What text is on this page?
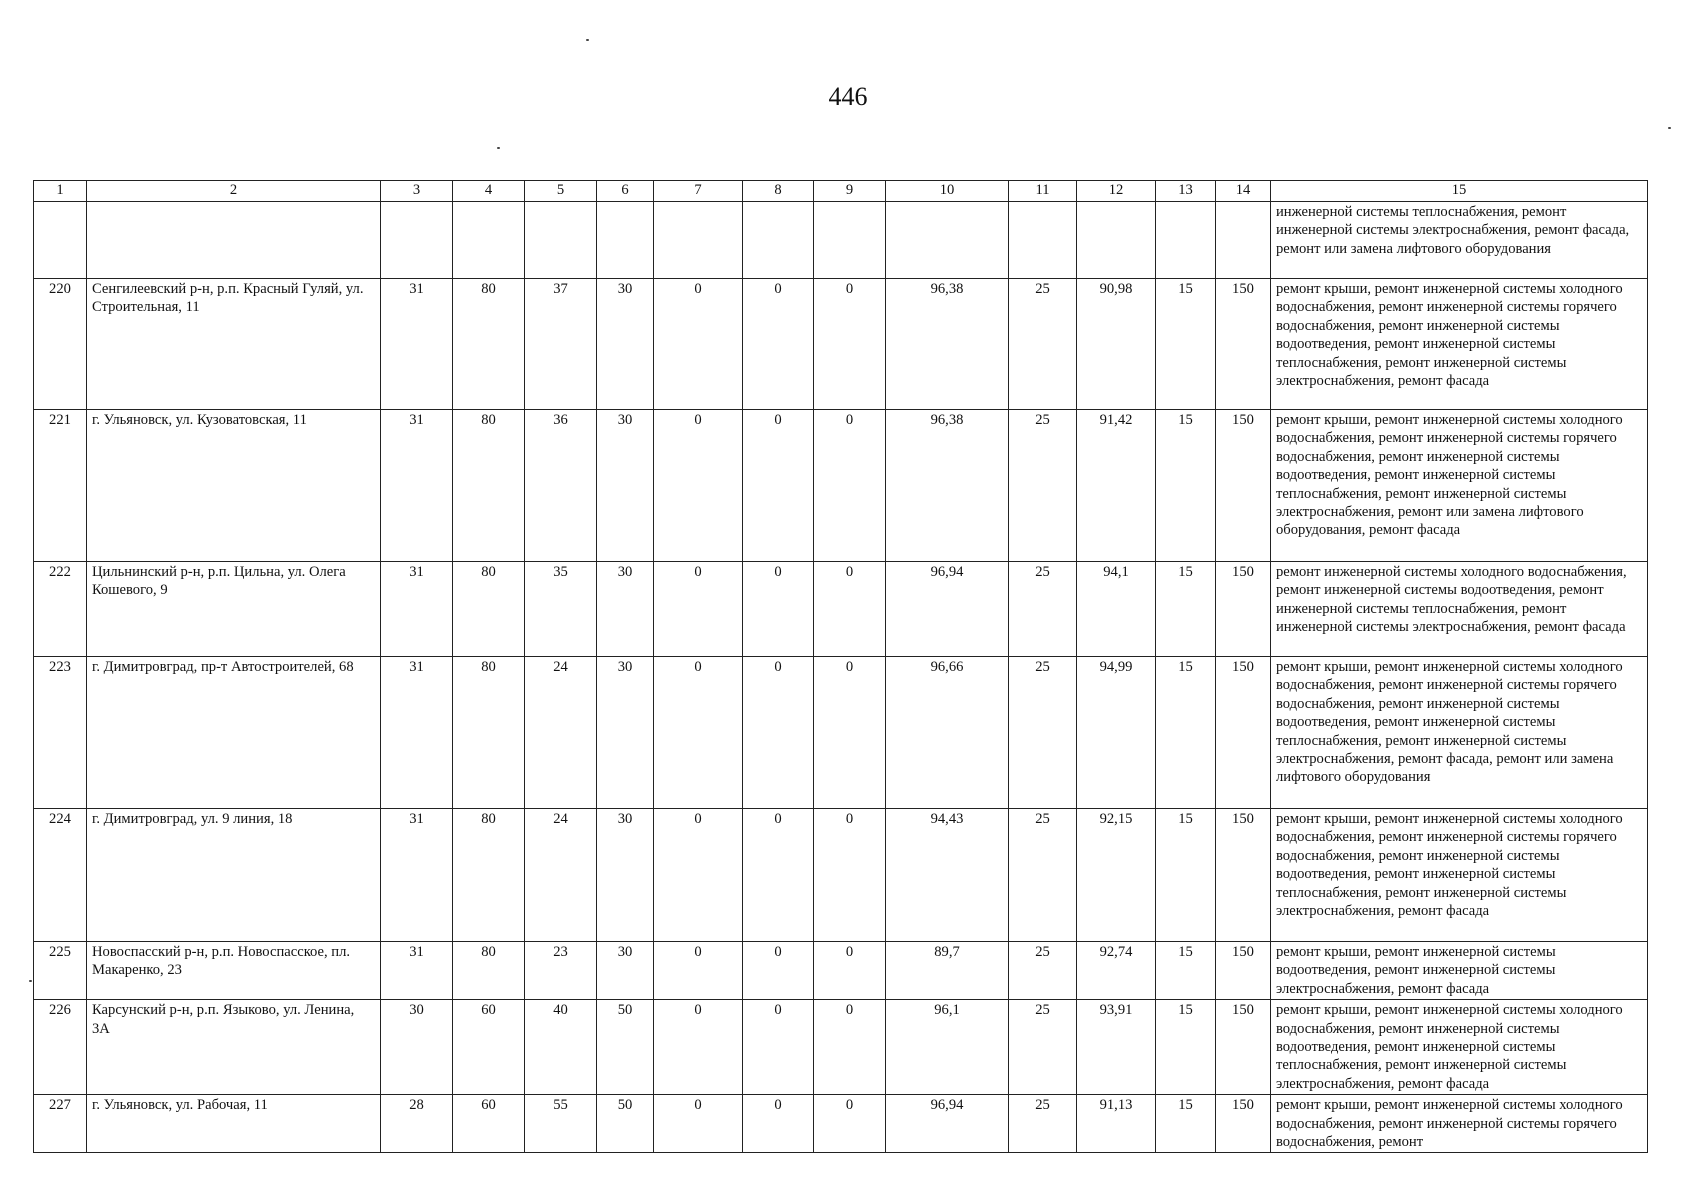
446
1	2	3	4	5	6	7	8	9	10	11	12	13	14	15
														инженерной системы теплоснабжения, ремонт инженерной системы электроснабжения, ремонт фасада, ремонт или замена лифтового оборудования
220	Сенгилеевский р-н, р.п. Красный Гуляй, ул. Строительная, 11	31	80	37	30	0	0	0	96,38	25	90,98	15	150	ремонт крыши, ремонт инженерной системы холодного водоснабжения, ремонт инженерной системы горячего водоснабжения, ремонт инженерной системы водоотведения, ремонт инженерной системы теплоснабжения, ремонт инженерной системы электроснабжения, ремонт фасада
221	г. Ульяновск, ул. Кузоватовская, 11	31	80	36	30	0	0	0	96,38	25	91,42	15	150	ремонт крыши, ремонт инженерной системы холодного водоснабжения, ремонт инженерной системы горячего водоснабжения, ремонт инженерной системы водоотведения, ремонт инженерной системы теплоснабжения, ремонт инженерной системы электроснабжения, ремонт или замена лифтового оборудования, ремонт фасада
222	Цильнинский р-н, р.п. Цильна, ул. Олега Кошевого, 9	31	80	35	30	0	0	0	96,94	25	94,1	15	150	ремонт инженерной системы холодного водоснабжения, ремонт инженерной системы водоотведения, ремонт инженерной системы теплоснабжения, ремонт инженерной системы электроснабжения, ремонт фасада
223	г. Димитровград, пр-т Автостроителей, 68	31	80	24	30	0	0	0	96,66	25	94,99	15	150	ремонт крыши, ремонт инженерной системы холодного водоснабжения, ремонт инженерной системы горячего водоснабжения, ремонт инженерной системы водоотведения, ремонт инженерной системы теплоснабжения, ремонт инженерной системы электроснабжения, ремонт фасада, ремонт или замена лифтового оборудования
224	г. Димитровград, ул. 9 линия, 18	31	80	24	30	0	0	0	94,43	25	92,15	15	150	ремонт крыши, ремонт инженерной системы холодного водоснабжения, ремонт инженерной системы горячего водоснабжения, ремонт инженерной системы водоотведения, ремонт инженерной системы теплоснабжения, ремонт инженерной системы электроснабжения, ремонт фасада
225	Новоспасский р-н, р.п. Новоспасское, пл. Макаренко, 23	31	80	23	30	0	0	0	89,7	25	92,74	15	150	ремонт крыши, ремонт инженерной системы водоотведения, ремонт инженерной системы электроснабжения, ремонт фасада
226	Карсунский р-н, р.п. Языково, ул. Ленина, 3А	30	60	40	50	0	0	0	96,1	25	93,91	15	150	ремонт крыши, ремонт инженерной системы холодного водоснабжения, ремонт инженерной системы водоотведения, ремонт инженерной системы теплоснабжения, ремонт инженерной системы электроснабжения, ремонт фасада
227	г. Ульяновск, ул. Рабочая, 11	28	60	55	50	0	0	0	96,94	25	91,13	15	150	ремонт крыши, ремонт инженерной системы холодного водоснабжения, ремонт инженерной системы горячего водоснабжения, ремонт
